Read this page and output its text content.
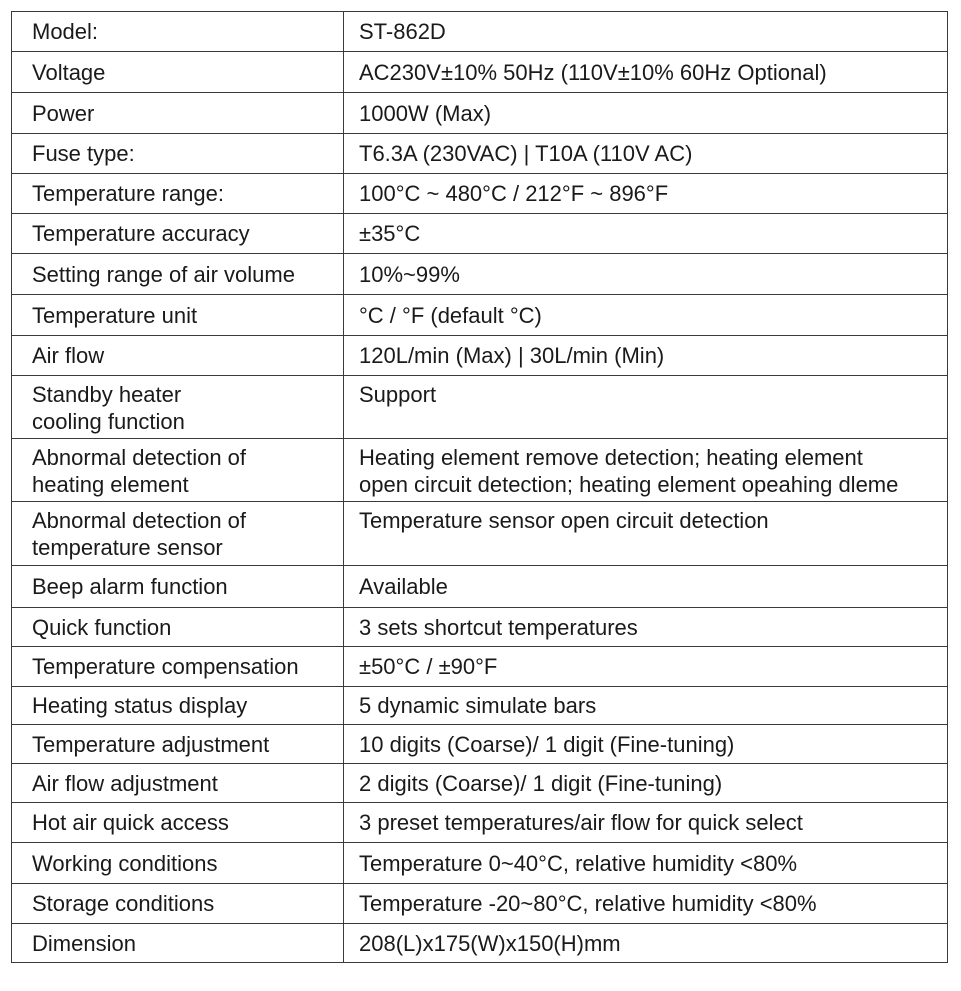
Model:	ST-862D

Voltage	AC230V±10% 50Hz (110V±10% 60Hz Optional)

Power	1000W (Max)

Fuse type:	T6.3A (230VAC) | T10A (110V AC)

Temperature range:	100°C ~ 480°C / 212°F ~ 896°F

Temperature accuracy	±35°C

Setting range of air volume	10%~99%

Temperature unit	°C / °F (default °C)

Air flow	120L/min (Max) | 30L/min (Min)

Standby heater
cooling function	Support

Abnormal detection of
heating element	Heating element remove detection; heating element
open circuit detection; heating element opeahing dleme

Abnormal detection of
temperature sensor	Temperature sensor open circuit detection

Beep alarm function	Available

Quick function	3 sets shortcut temperatures

Temperature compensation	±50°C / ±90°F

Heating status display	5 dynamic simulate bars

Temperature adjustment	10 digits (Coarse)/ 1 digit (Fine-tuning)

Air flow adjustment	2 digits (Coarse)/ 1 digit (Fine-tuning)

Hot air quick access	3 preset temperatures/air flow for quick select

Working conditions	Temperature 0~40°C, relative humidity <80%

Storage conditions	Temperature -20~80°C, relative humidity <80%

Dimension	208(L)x175(W)x150(H)mm
